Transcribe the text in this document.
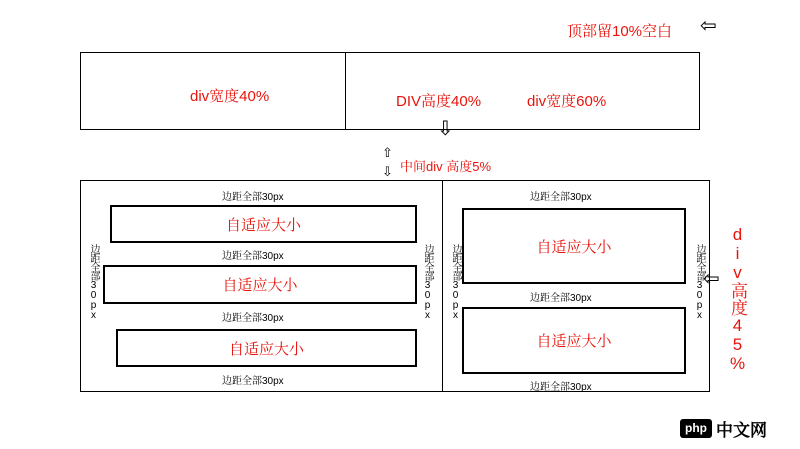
顶部留10%空白 ⇦
div宽度40%	DIV高度40%	div宽度60%
⇩
⇧
⇩ 中间div 高度5%
div高度45%
⇦
边距全部30px	边距全部30px
边距全部30px
边距全部30px
边距全部30px
边距全部30px
自适应大小
自适应大小
自适应大小
边距全部30px	边距全部30px
边距全部30px
边距全部30px
边距全部30px
自适应大小
自适应大小
php 中文网
